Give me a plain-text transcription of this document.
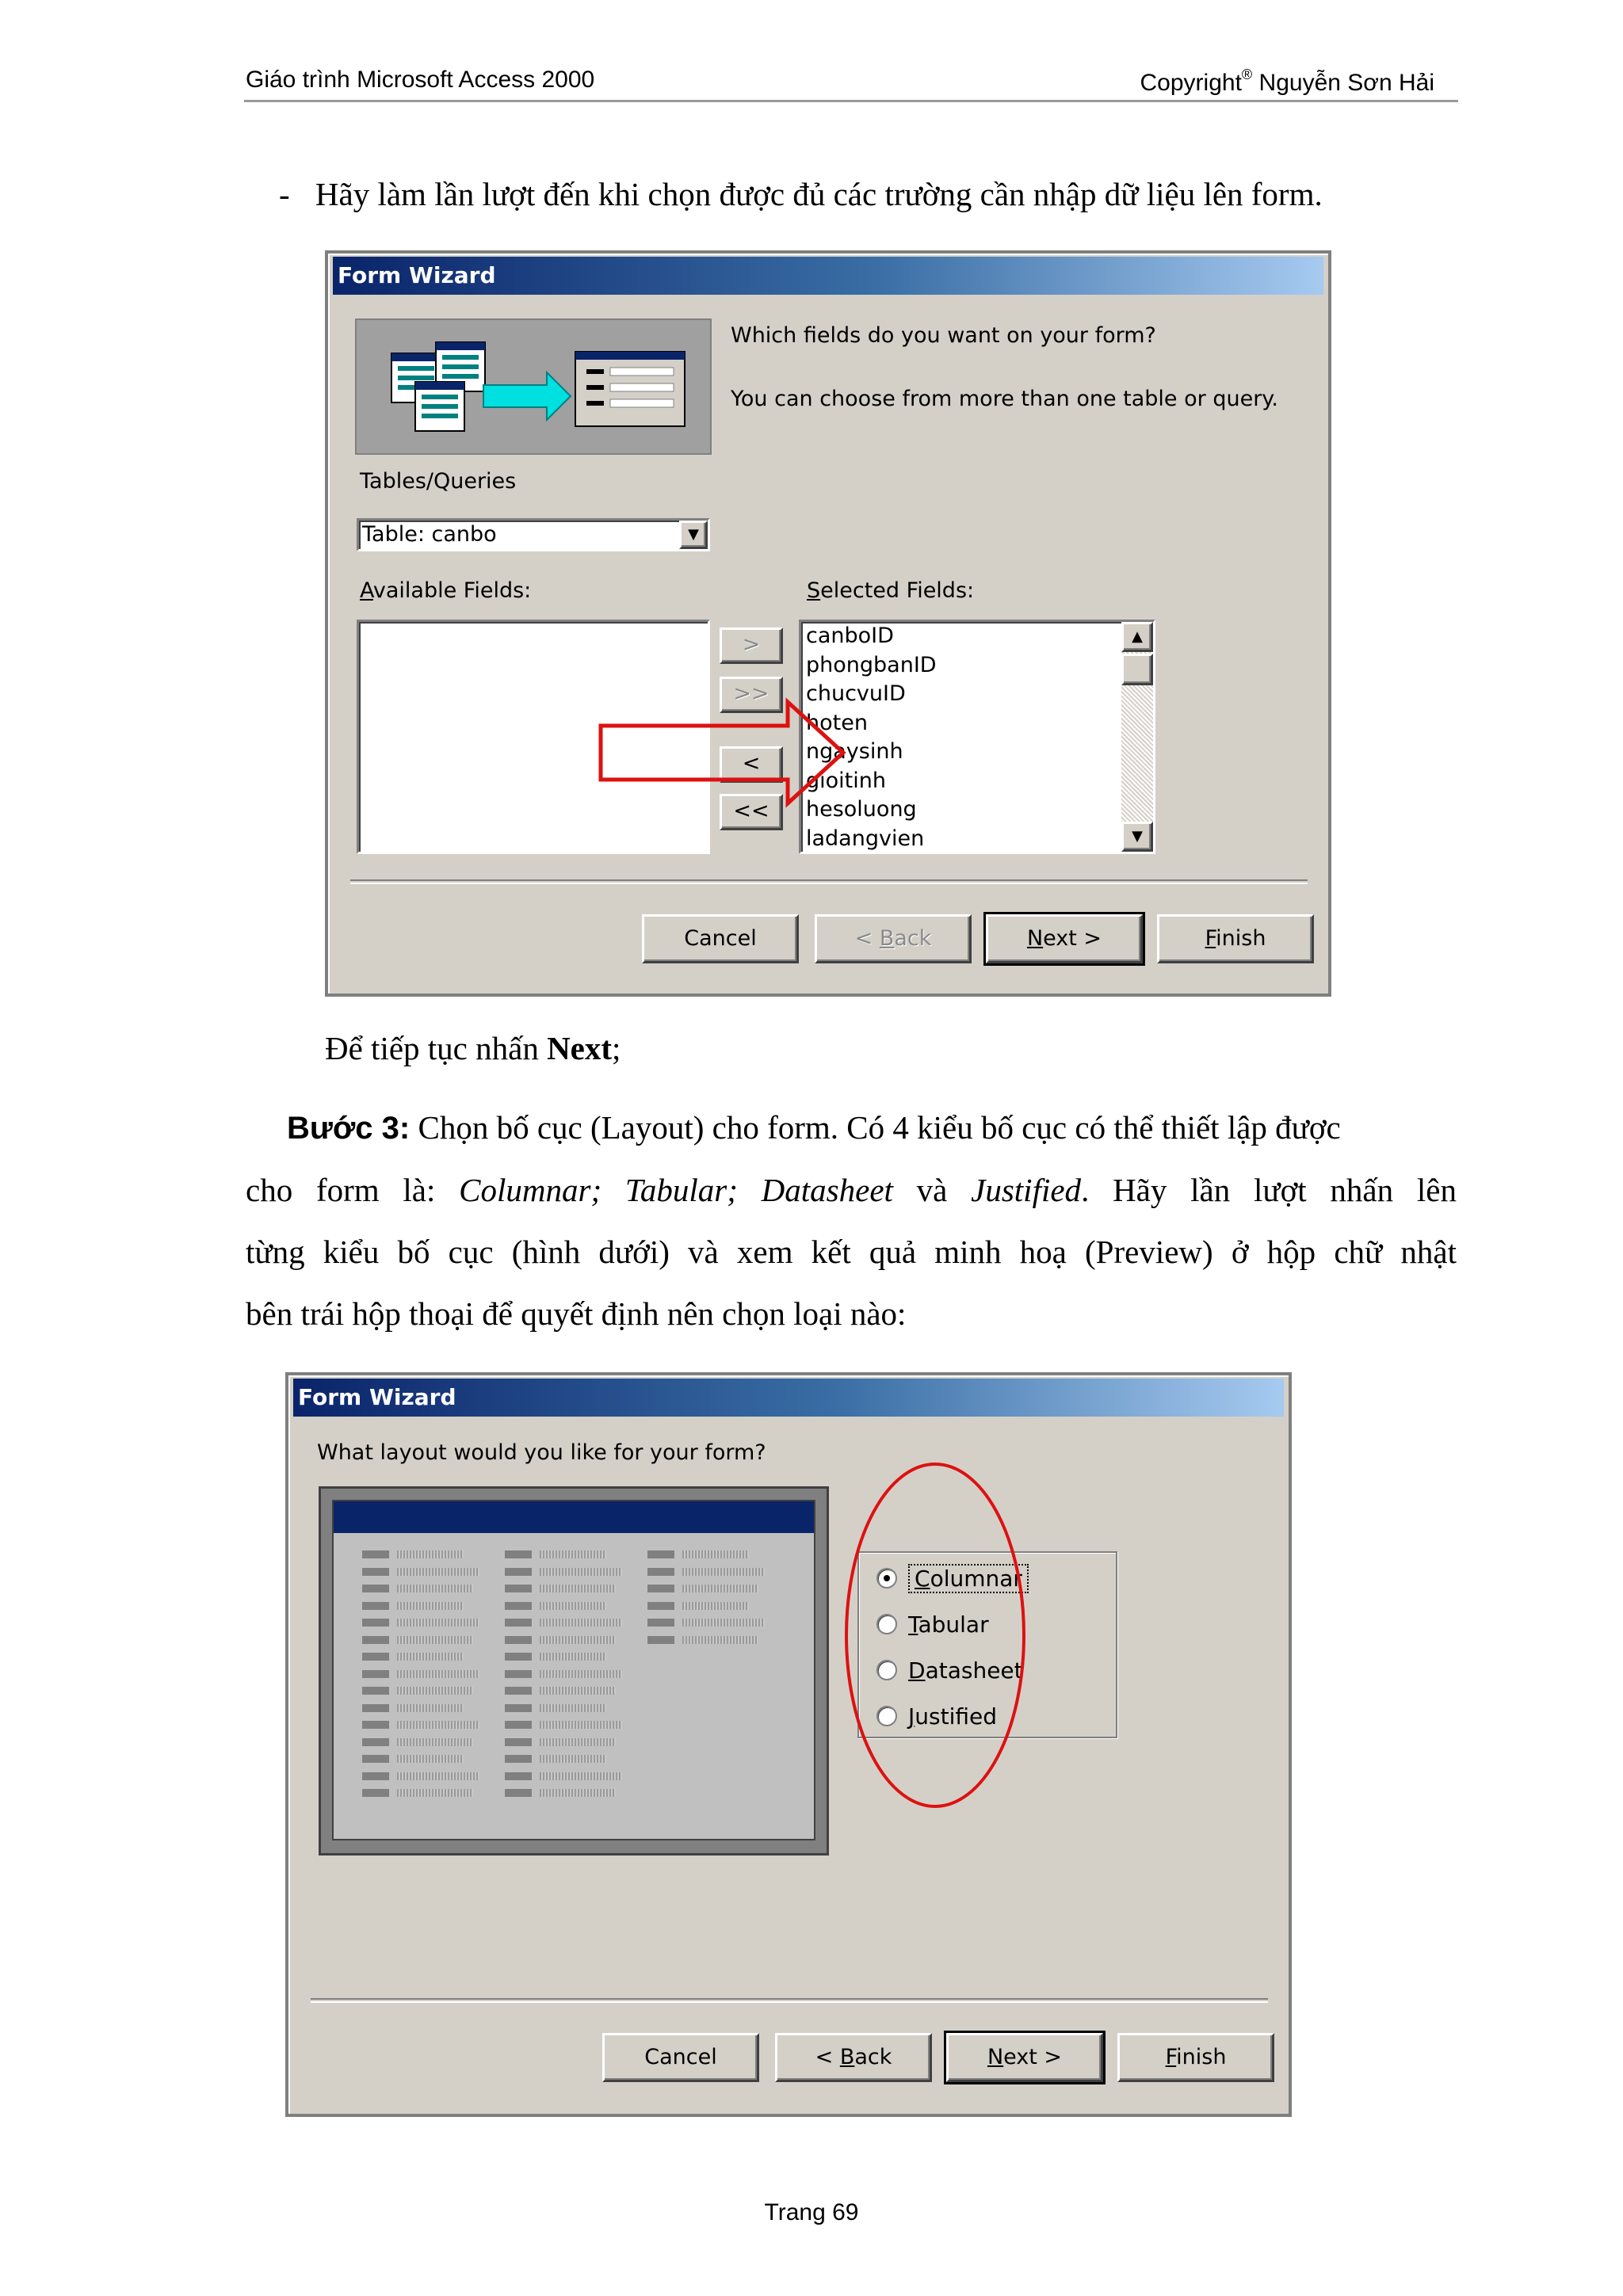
Giáo trình Microsoft Access 2000	Copyright® Nguyễn Sơn Hải
- Hãy làm lần lượt đến khi chọn được đủ các trường cần nhập dữ liệu lên form.
Form Wizard
Which fields do you want on your form?
You can choose from more than one table or query.
Tables/Queries
Table: canbo	▼
Available Fields:	Selected Fields:
>
>>
<
<<
canboID
phongbanID
chucvuID
hoten
ngaysinh
gioitinh
hesoluong
ladangvien
▲
▼
Cancel	< Back	Next >	Finish
Để tiếp tục nhấn Next;
Bước 3: Chọn bố cục (Layout) cho form. Có 4 kiểu bố cục có thể thiết lập được
cho form là: Columnar; Tabular; Datasheet và Justified. Hãy lần lượt nhấn lên
từng kiểu bố cục (hình dưới) và xem kết quả minh hoạ (Preview) ở hộp chữ nhật
bên trái hộp thoại để quyết định nên chọn loại nào:
Form Wizard
What layout would you like for your form?
Columnar
Tabular
Datasheet
Justified
Cancel	< Back	Next >	Finish
Trang 69
